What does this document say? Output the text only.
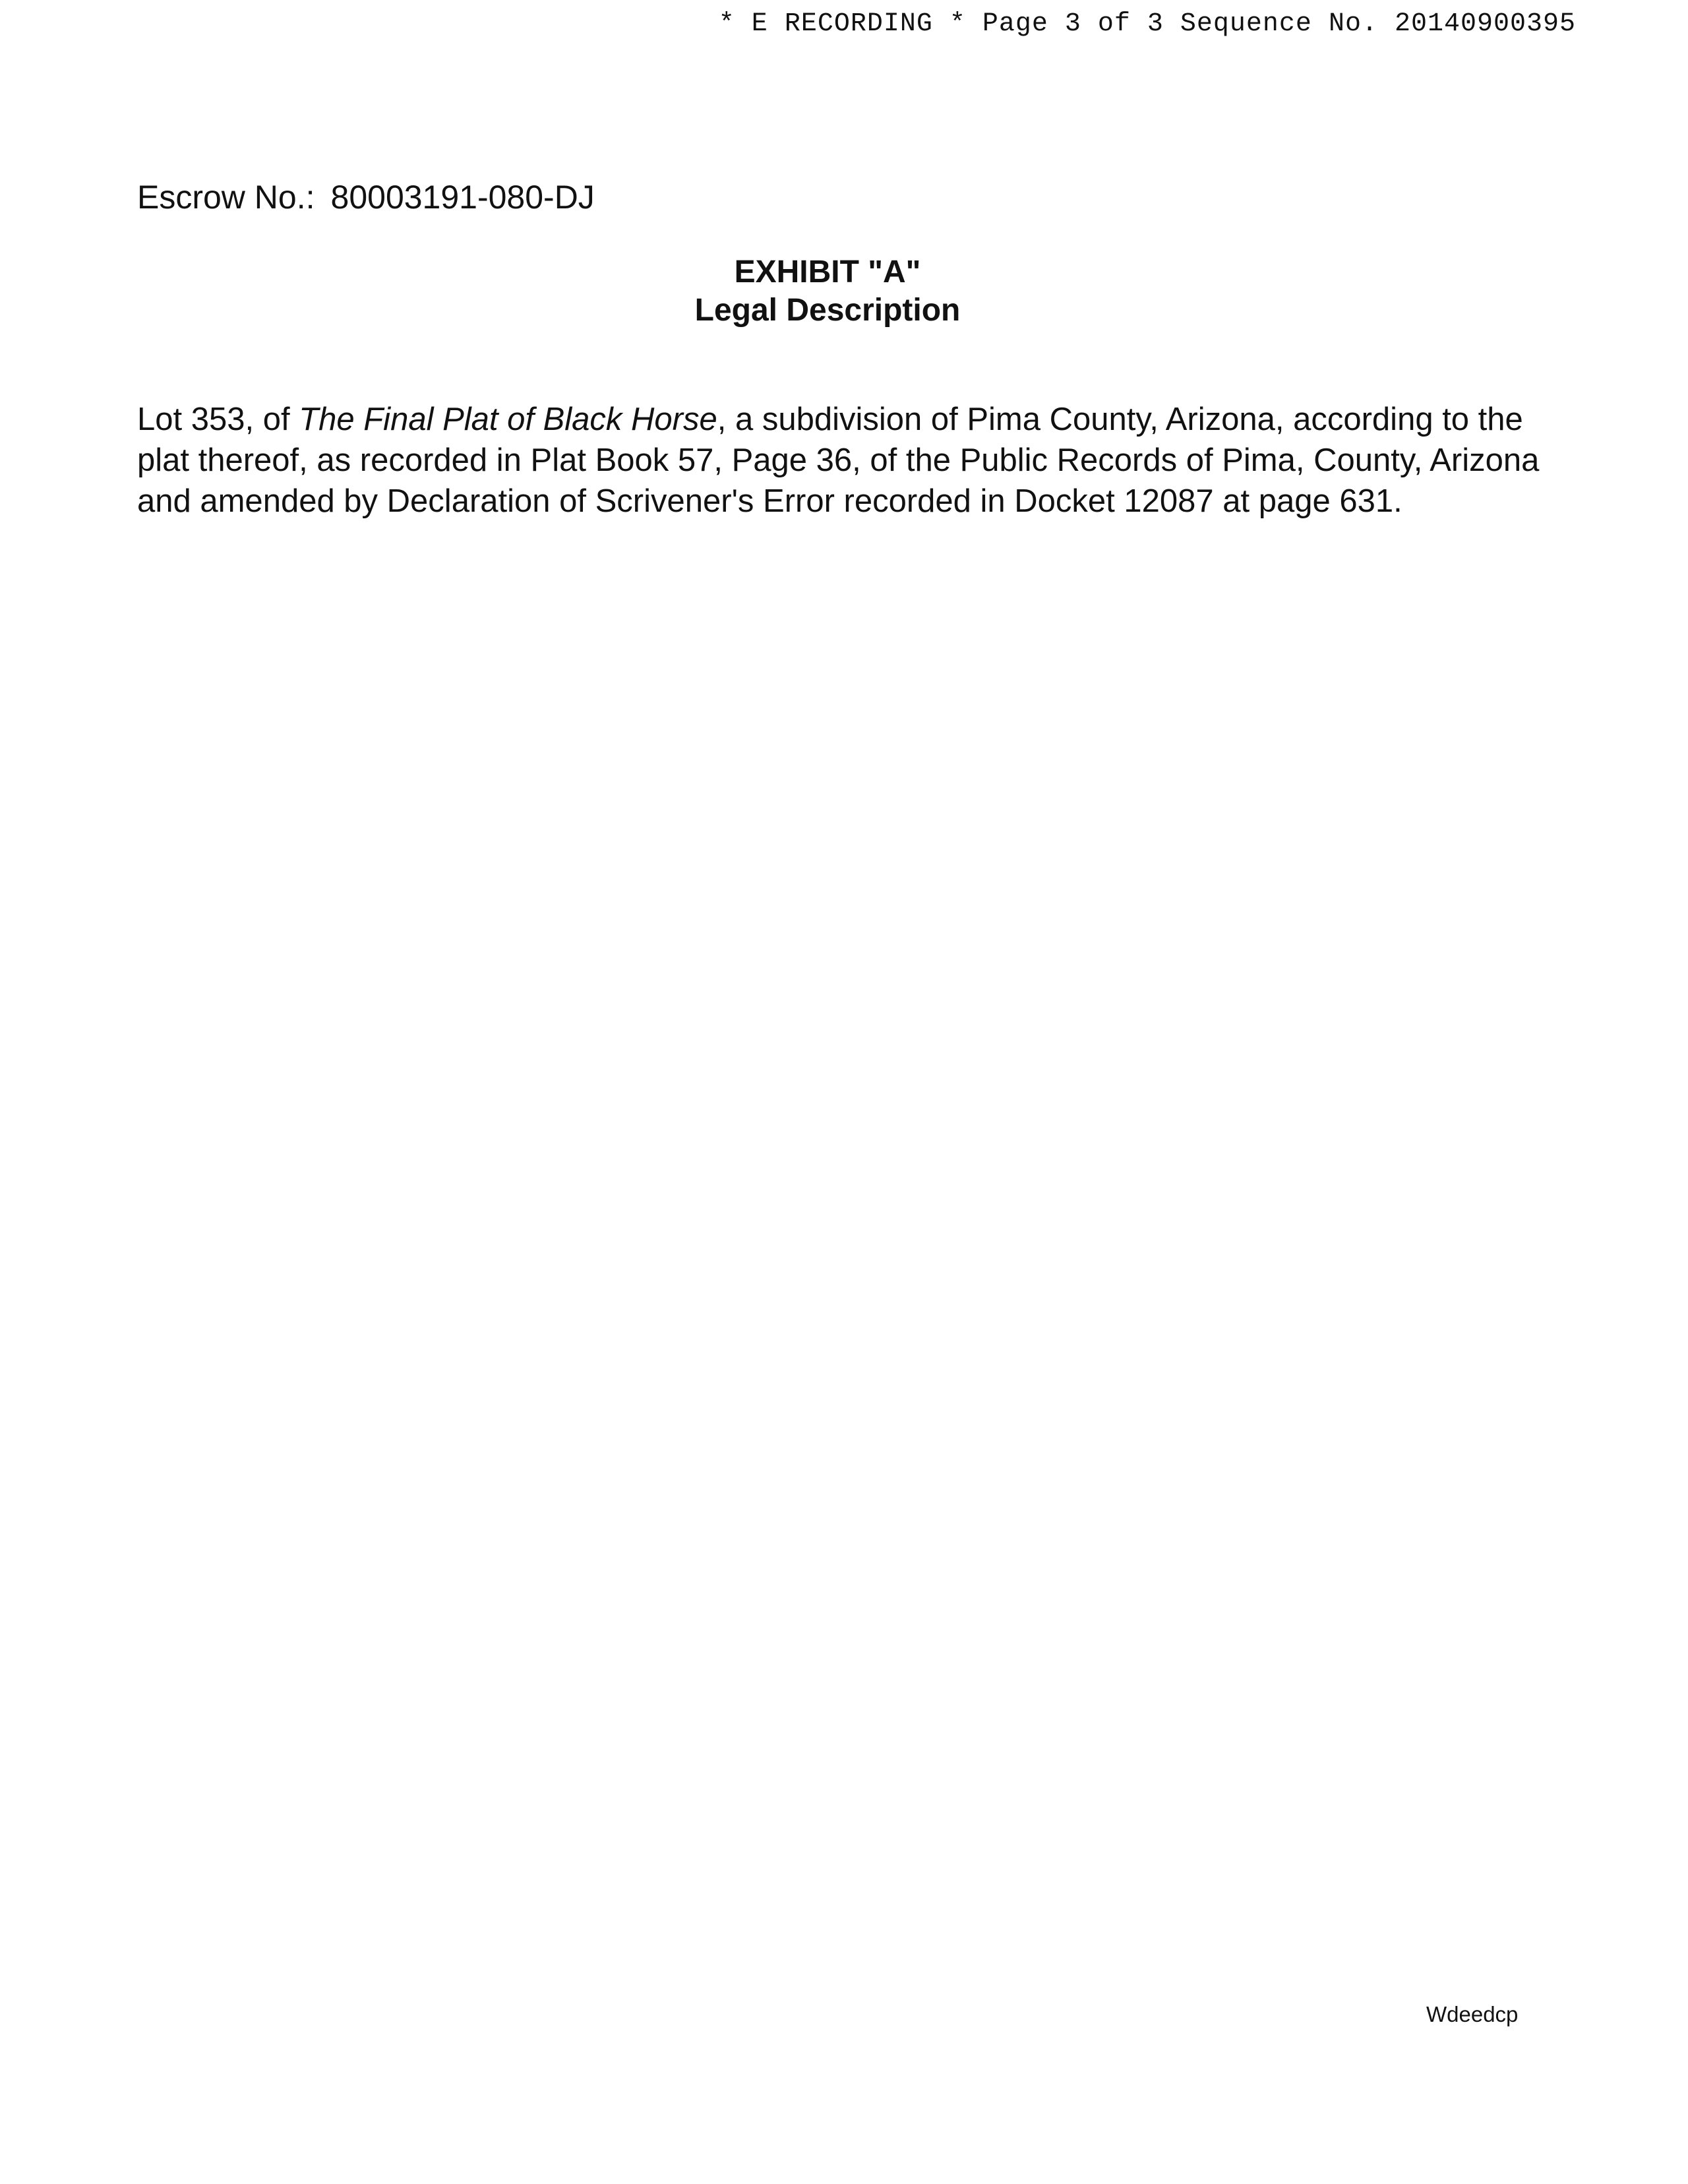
* E RECORDING * Page 3 of 3 Sequence No. 20140900395
Escrow No.: 80003191-080-DJ
EXHIBIT "A"
Legal Description
Lot 353, of The Final Plat of Black Horse, a subdivision of Pima County, Arizona, according to the plat thereof, as recorded in Plat Book 57, Page 36, of the Public Records of Pima, County, Arizona and amended by Declaration of Scrivener's Error recorded in Docket 12087 at page 631.
Wdeedcp
